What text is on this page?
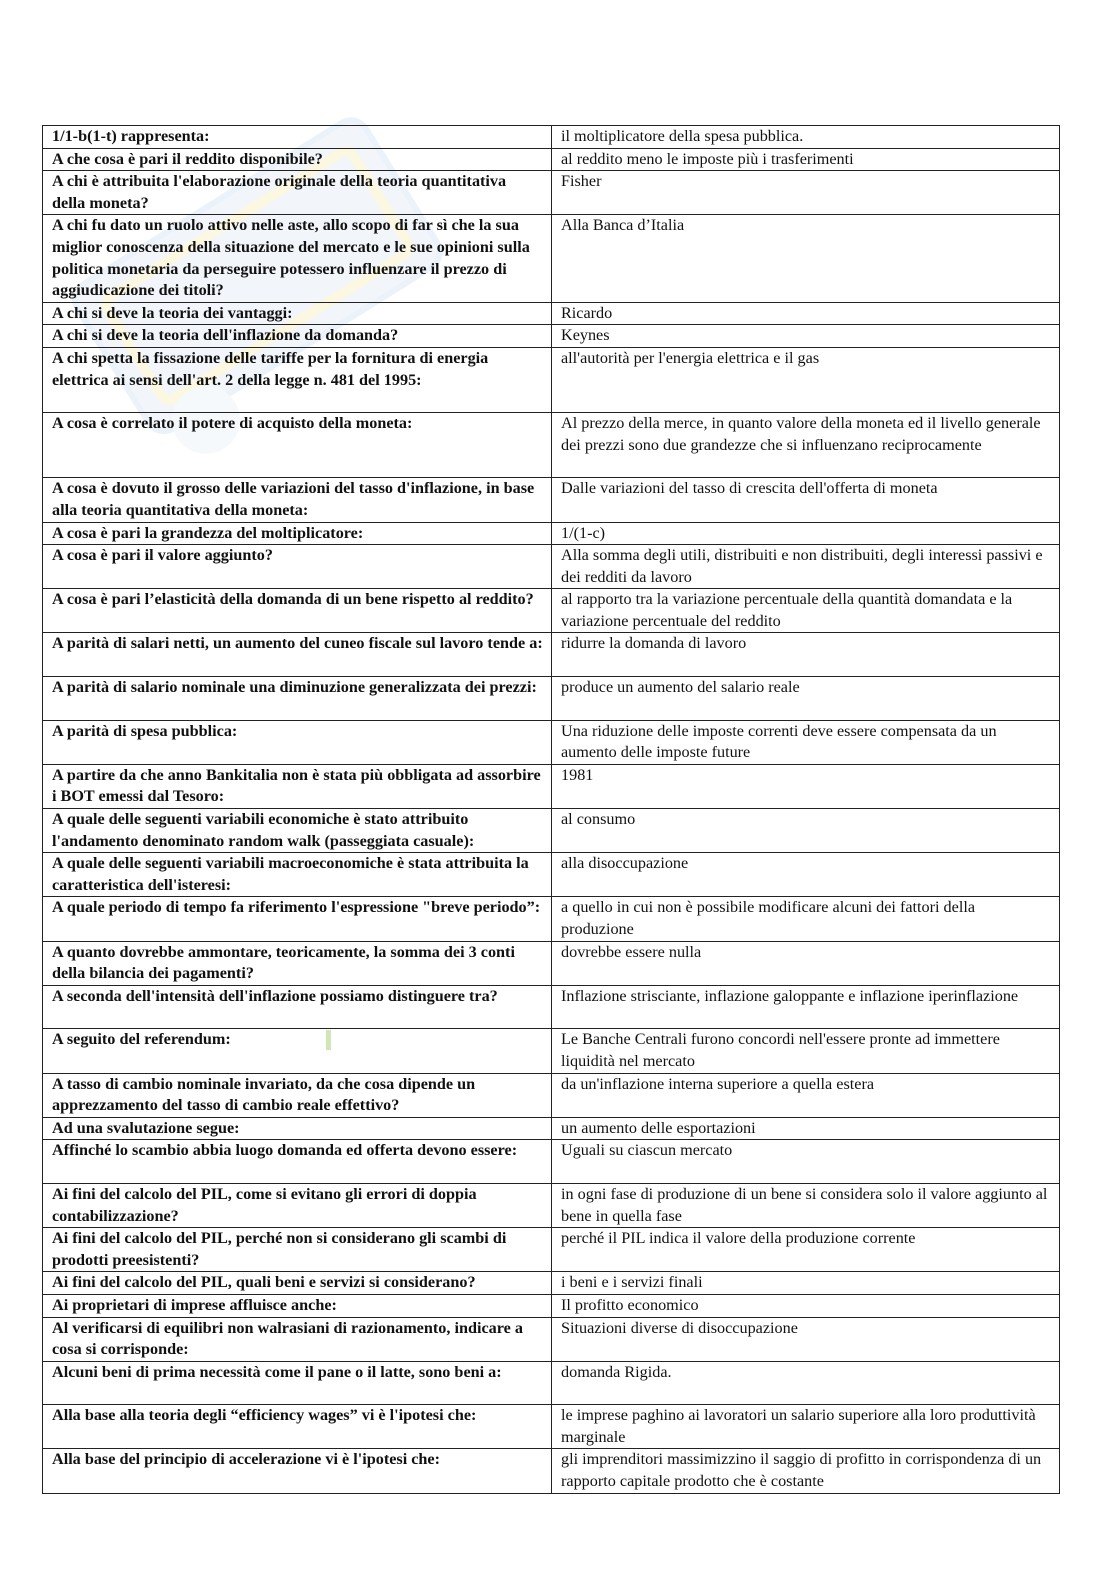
1/1-b(1-t) rappresenta:	il moltiplicatore della spesa pubblica.
A che cosa è pari il reddito disponibile?	al reddito meno le imposte più i trasferimenti
A chi è attribuita l'elaborazione originale della teoria quantitativa della moneta?	Fisher
A chi fu dato un ruolo attivo nelle aste, allo scopo di far sì che la sua miglior conoscenza della situazione del mercato e le sue opinioni sulla politica monetaria da perseguire potessero influenzare il prezzo di aggiudicazione dei titoli?	Alla Banca d’Italia
A chi si deve la teoria dei vantaggi:	Ricardo
A chi si deve la teoria dell'inflazione da domanda?	Keynes
A chi spetta la fissazione delle tariffe per la fornitura di energia elettrica ai sensi dell'art. 2 della legge n. 481 del 1995:	all'autorità per l'energia elettrica e il gas
A cosa è correlato il potere di acquisto della moneta:	Al prezzo della merce, in quanto valore della moneta ed il livello generale dei prezzi sono due grandezze che si influenzano reciprocamente
A cosa è dovuto il grosso delle variazioni del tasso d'inflazione, in base alla teoria quantitativa della moneta:	Dalle variazioni del tasso di crescita dell'offerta di moneta
A cosa è pari la grandezza del moltiplicatore:	1/(1-c)
A cosa è pari il valore aggiunto?	Alla somma degli utili, distribuiti e non distribuiti, degli interessi passivi e dei redditi da lavoro
A cosa è pari l’elasticità della domanda di un bene rispetto al reddito?	al rapporto tra la variazione percentuale della quantità domandata e la variazione percentuale del reddito
A parità di salari netti, un aumento del cuneo fiscale sul lavoro tende a:	ridurre la domanda di lavoro
A parità di salario nominale una diminuzione generalizzata dei prezzi:	produce un aumento del salario reale
A parità di spesa pubblica:	Una riduzione delle imposte correnti deve essere compensata da un aumento delle imposte future
A partire da che anno Bankitalia non è stata più obbligata ad assorbire i BOT emessi dal Tesoro:	1981
A quale delle seguenti variabili economiche è stato attribuito l'andamento denominato random walk (passeggiata casuale):	al consumo
A quale delle seguenti variabili macroeconomiche è stata attribuita la caratteristica dell'isteresi:	alla disoccupazione
A quale periodo di tempo fa riferimento l'espressione "breve periodo”:	a quello in cui non è possibile modificare alcuni dei fattori della produzione
A quanto dovrebbe ammontare, teoricamente, la somma dei 3 conti della bilancia dei pagamenti?	dovrebbe essere nulla
A seconda dell'intensità dell'inflazione possiamo distinguere tra?	Inflazione strisciante, inflazione galoppante e inflazione iperinflazione
A seguito del referendum:	Le Banche Centrali furono concordi nell'essere pronte ad immettere liquidità nel mercato
A tasso di cambio nominale invariato, da che cosa dipende un apprezzamento del tasso di cambio reale effettivo?	da un'inflazione interna superiore a quella estera
Ad una svalutazione segue:	un aumento delle esportazioni
Affinché lo scambio abbia luogo domanda ed offerta devono essere:	Uguali su ciascun mercato
Ai fini del calcolo del PIL, come si evitano gli errori di doppia contabilizzazione?	in ogni fase di produzione di un bene si considera solo il valore aggiunto al bene in quella fase
Ai fini del calcolo del PIL, perché non si considerano gli scambi di prodotti preesistenti?	perché il PIL indica il valore della produzione corrente
Ai fini del calcolo del PIL, quali beni e servizi si considerano?	i beni e i servizi finali
Ai proprietari di imprese affluisce anche:	Il profitto economico
Al verificarsi di equilibri non walrasiani di razionamento, indicare a cosa si corrisponde:	Situazioni diverse di disoccupazione
Alcuni beni di prima necessità come il pane o il latte, sono beni a:	domanda Rigida.
Alla base alla teoria degli “efficiency wages” vi è l'ipotesi che:	le imprese paghino ai lavoratori un salario superiore alla loro produttività marginale
Alla base del principio di accelerazione vi è l'ipotesi che:	gli imprenditori massimizzino il saggio di profitto in corrispondenza di un rapporto capitale prodotto che è costante
